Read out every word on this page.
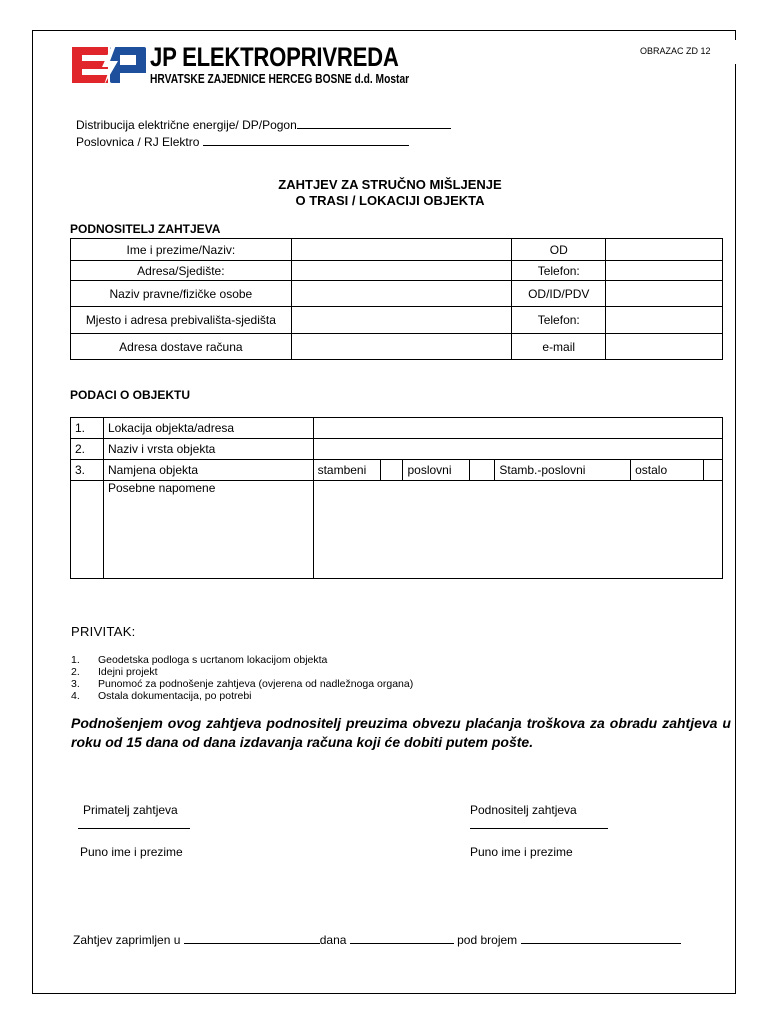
OBRAZAC ZD 12
JP ELEKTROPRIVREDA
HRVATSKE ZAJEDNICE HERCEG BOSNE d.d. Mostar
Distribucija električne energije/ DP/Pogon
Poslovnica / RJ Elektro
ZAHTJEV ZA STRUČNO MIŠLJENJE
O TRASI / LOKACIJI OBJEKTA
PODNOSITELJ ZAHTJEVA
Ime i prezime/Naziv:		OD	
Adresa/Sjedište:		Telefon:	
Naziv pravne/fizičke osobe		OD/ID/PDV	
Mjesto i adresa prebivališta-sjedišta		Telefon:	
Adresa dostave računa		e-mail	
PODACI O OBJEKTU
1.	Lokacija objekta/adresa							
2.	Naziv i vrsta objekta							
3.	Namjena objekta	stambeni		poslovni		Stamb.-poslovni	ostalo	
	Posebne napomene							
PRIVITAK:
1. Geodetska podloga s ucrtanom lokacijom objekta
2. Idejni projekt
3. Punomoć za podnošenje zahtjeva (ovjerena od nadležnoga organa)
4. Ostala dokumentacija, po potrebi
Podnošenjem ovog zahtjeva podnositelj preuzima obvezu plaćanja troškova za obradu zahtjeva u roku od 15 dana od dana izdavanja računa koji će dobiti putem pošte.
Primatelj zahtjeva
Puno ime i prezime
Podnositelj zahtjeva
Puno ime i prezime
Zahtjev zaprimljen u	dana	pod brojem
